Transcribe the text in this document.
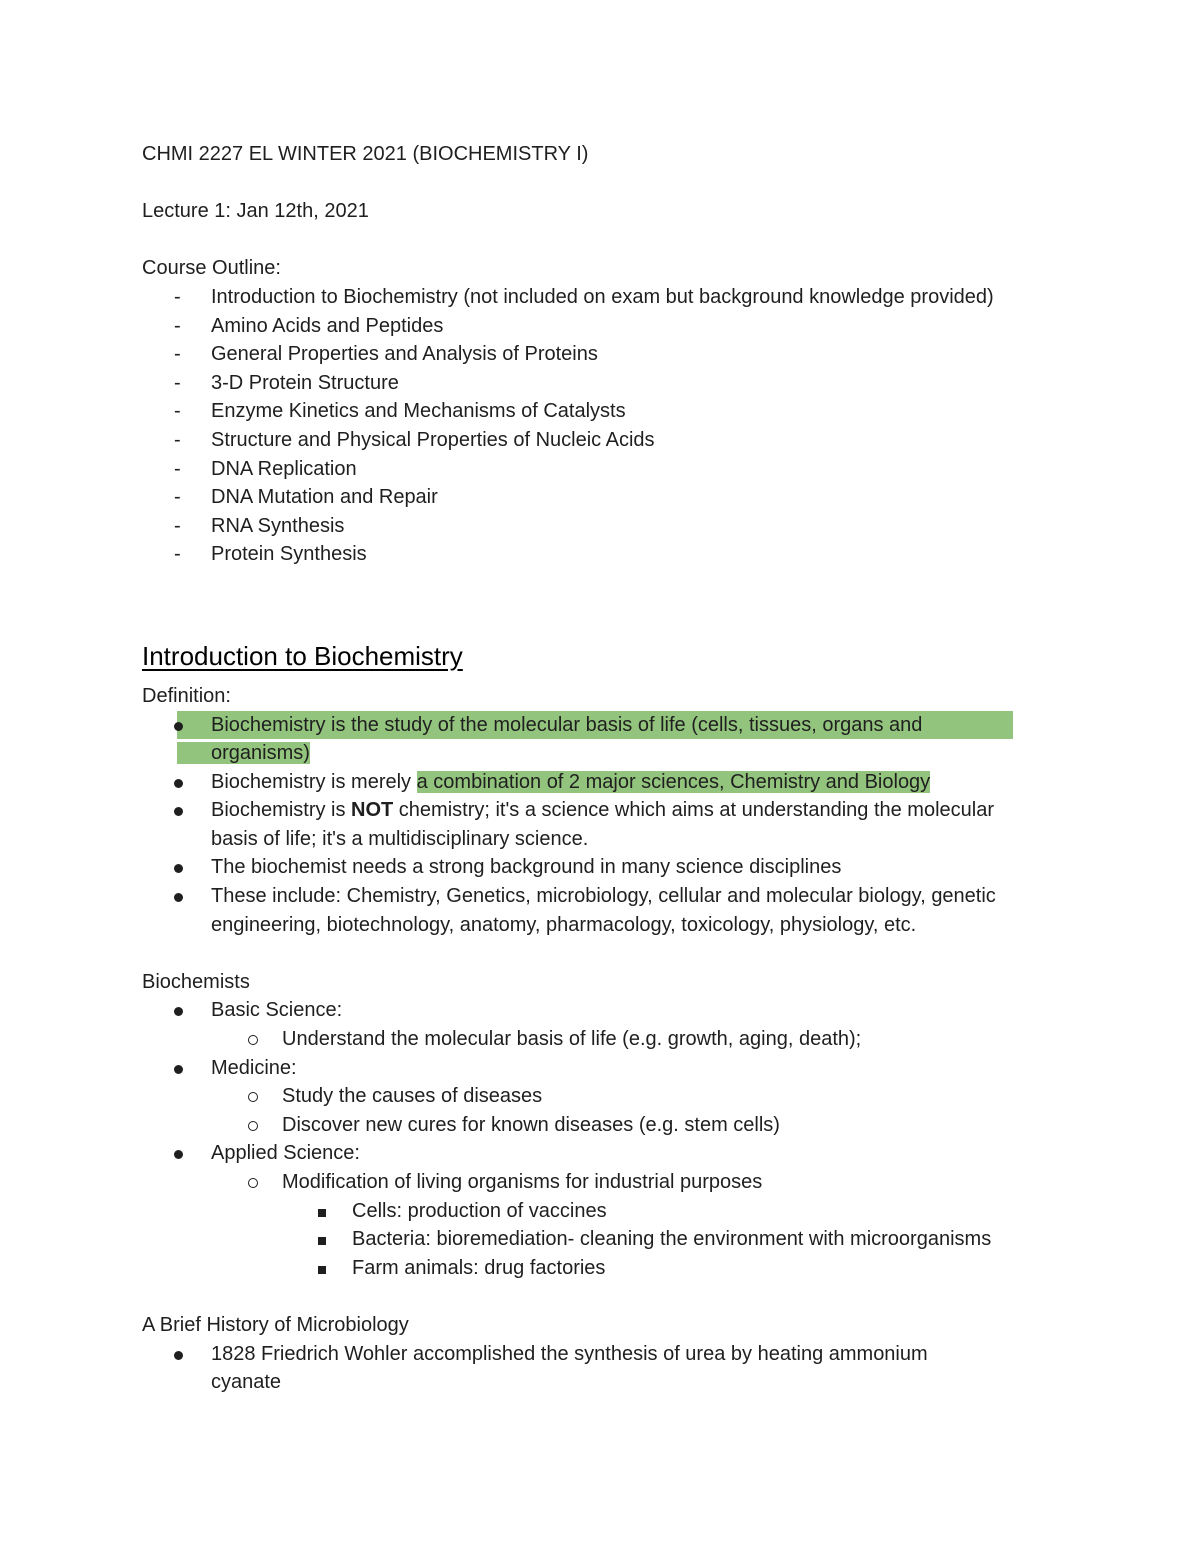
CHMI 2227 EL WINTER 2021 (BIOCHEMISTRY I)
Lecture 1: Jan 12th, 2021
Course Outline:
- Introduction to Biochemistry (not included on exam but background knowledge provided)
- Amino Acids and Peptides
- General Properties and Analysis of Proteins
- 3-D Protein Structure
- Enzyme Kinetics and Mechanisms of Catalysts
- Structure and Physical Properties of Nucleic Acids
- DNA Replication
- DNA Mutation and Repair
- RNA Synthesis
- Protein Synthesis
Introduction to Biochemistry
Definition:
Biochemistry is the study of the molecular basis of life (cells, tissues, organs and
organisms)
Biochemistry is merely a combination of 2 major sciences, Chemistry and Biology
Biochemistry is NOT chemistry; it's a science which aims at understanding the molecular
basis of life; it's a multidisciplinary science.
The biochemist needs a strong background in many science disciplines
These include: Chemistry, Genetics, microbiology, cellular and molecular biology, genetic
engineering, biotechnology, anatomy, pharmacology, toxicology, physiology, etc.
Biochemists
Basic Science:
Understand the molecular basis of life (e.g. growth, aging, death);
Medicine:
Study the causes of diseases
Discover new cures for known diseases (e.g. stem cells)
Applied Science:
Modification of living organisms for industrial purposes
Cells: production of vaccines
Bacteria: bioremediation- cleaning the environment with microorganisms
Farm animals: drug factories
A Brief History of Microbiology
1828 Friedrich Wohler accomplished the synthesis of urea by heating ammonium
cyanate
